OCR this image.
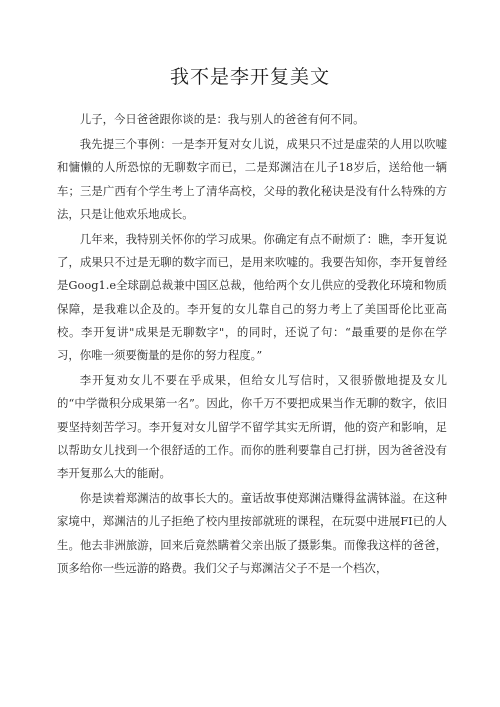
我不是李开复美文

儿子，今日爸爸跟你谈的是：我与别人的爸爸有何不同。

我先提三个事例：一是李开复对女儿说，成果只不过是虚荣的人用以吹嘘和慵懒的人所恐惊的无聊数字而已，二是郑渊洁在儿子18岁后，送给他一辆车；三是广西有个学生考上了清华高校，父母的教化秘诀是没有什么特殊的方法，只是让他欢乐地成长。

几年来，我特别关怀你的学习成果。你确定有点不耐烦了：瞧，李开复说了，成果只不过是无聊的数字而已，是用来吹嘘的。我要告知你，李开复曾经是Goog1.e全球副总裁兼中国区总裁，他给两个女儿供应的受教化环境和物质保障，是我难以企及的。李开复的女儿靠自己的努力考上了美国哥伦比亚高校。李开复讲"成果是无聊数字"，的同时，还说了句：“最重要的是你在学习，你唯一须要衡量的是你的努力程度。”

李开复劝女儿不要在乎成果，但给女儿写信时，又很骄傲地提及女儿的“中学微积分成果第一名”。因此，你千万不要把成果当作无聊的数字，依旧要坚持刻苦学习。李开复对女儿留学不留学其实无所谓，他的资产和影响，足以帮助女儿找到一个很舒适的工作。而你的胜利要靠自己打拼，因为爸爸没有李开复那么大的能耐。

你是读着郑渊洁的故事长大的。童话故事使郑渊洁赚得盆满钵溢。在这种家境中，郑渊洁的儿子拒绝了校内里按部就班的课程，在玩耍中进展FI已的人生。他去非洲旅游，回来后竟然瞒着父亲出版了摄影集。而像我这样的爸爸，顶多给你一些远游的路费。我们父子与郑渊洁父子不是一个档次，
